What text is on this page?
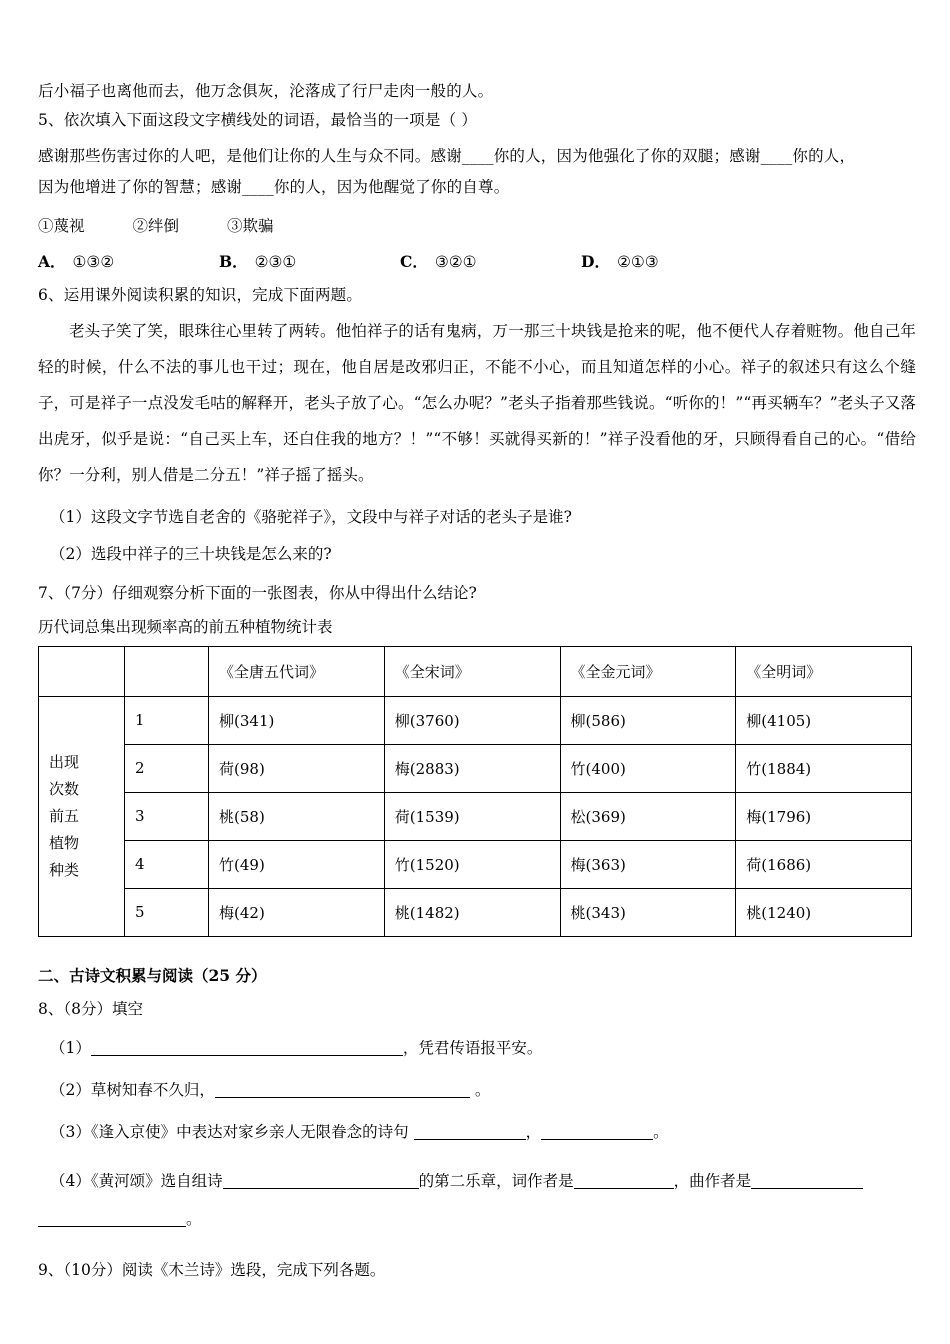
后小福子也离他而去，他万念俱灰，沦落成了行尸走肉一般的人。
5、依次填入下面这段文字横线处的词语，最恰当的一项是（ ）
感谢那些伤害过你的人吧，是他们让你的人生与众不同。感谢____你的人，因为他强化了你的双腿；感谢____你的人，
因为他增进了你的智慧；感谢____你的人，因为他醒觉了你的自尊。
①蔑视	②绊倒	③欺骗
A． ①③②	B． ②③①	C． ③②①	D． ②①③
6、运用课外阅读积累的知识，完成下面两题。
老头子笑了笑，眼珠往心里转了两转。他怕祥子的话有鬼病，万一那三十块钱是抢来的呢，他不便代人存着赃物。他自己年轻的时候，什么不法的事儿也干过；现在，他自居是改邪归正，不能不小心，而且知道怎样的小心。祥子的叙述只有这么个缝子，可是祥子一点没发毛咕的解释开，老头子放了心。“怎么办呢？”老头子指着那些钱说。“听你的！”“再买辆车？”老头子又落出虎牙，似乎是说：“自己买上车，还白住我的地方？！”“不够！买就得买新的！”祥子没看他的牙，只顾得看自己的心。“借给你？一分利，别人借是二分五！”祥子摇了摇头。
（1）这段文字节选自老舍的《骆驼祥子》，文段中与祥子对话的老头子是谁?
（2）选段中祥子的三十块钱是怎么来的?
7、（7分）仔细观察分析下面的一张图表，你从中得出什么结论?
历代词总集出现频率高的前五种植物统计表
		《全唐五代词》	《全宋词》	《全金元词》	《全明词》

出现
次数
前五
植物
种类	1	柳(341)	柳(3760)	柳(586)	柳(4105)
	2	荷(98)	梅(2883)	竹(400)	竹(1884)
	3	桃(58)	荷(1539)	松(369)	梅(1796)
	4	竹(49)	竹(1520)	梅(363)	荷(1686)
	5	梅(42)	桃(1482)	桃(343)	桃(1240)
二、古诗文积累与阅读（25 分）
8、（8分）填空
（1）	，凭君传语报平安。
（2）草树知春不久归，	。
（3）《逢入京使》中表达对家乡亲人无限眷念的诗句	，	。
（4）《黄河颂》选自组诗	的第二乐章，词作者是	，曲作者是。
9、（10分）阅读《木兰诗》选段，完成下列各题。
